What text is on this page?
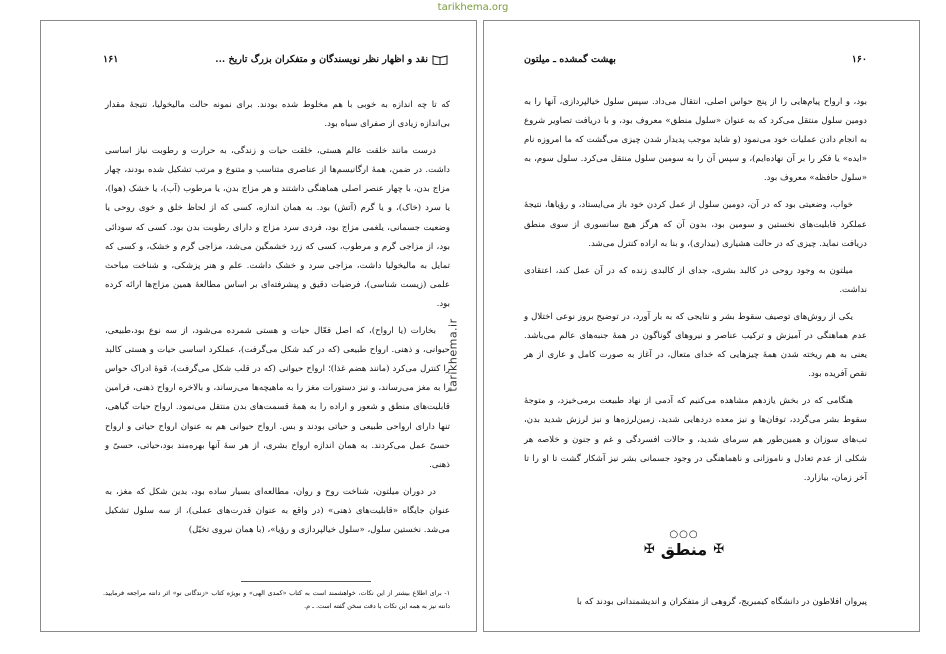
tarikhema.org
نقد و اظهار نظر نویسندگان و متفکران بزرگ تاریخ ...
۱۶۱

که تا چه اندازه به خوبی با هم مخلوط شده بودند. برای نمونه حالت مالیخولیا، نتیجهٔ مقدار بی‌اندازه زیادی از صفرای سیاه بود.

درست مانند خلقت عالم هستی، خلقت حیات و زندگی، به حرارت و رطوبت نیاز اساسی داشت. در ضمن، همهٔ ارگانیسم‌ها از عناصری متناسب و متنوع و مرتب تشکیل شده بودند، چهار مزاج بدن، با چهار عنصر اصلی هماهنگی داشتند و هر مزاج بدن، یا مرطوب (آب)، یا خشک (هوا)، یا سرد (خاک)، و یا گرم (آتش) بود. به همان اندازه، کسی که از لحاظ خلق و خوی روحی یا وضعیت جسمانی، یلغمی مزاج بود، فردی سرد مزاج و دارای رطوبت بدن بود. کسی که سودائی بود، از مزاجی گرم و مرطوب، کسی که زرد خشمگین می‌شد، مزاجی گرم و خشک، و کسی که تمایل به مالیخولیا داشت، مزاجی سرد و خشک داشت. علم و هنر پزشکی، و شناخت مباحث علمی (زیست شناسی)، فرضیات دقیق و پیشرفته‌ای بر اساس مطالعهٔ همین مزاج‌ها ارائه کرده بود.

بخارات (یا ارواح)، که اصل فعّال حیات و هستی شمرده می‌شود، از سه نوع بود،طبیعی، حیوانی، و ذهنی. ارواح طبیعی (که در کبد شکل می‌گرفت)، عملکرد اساسی حیات و هستی کالبد را کنترل می‌کرد (مانند هضم غذا)؛ ارواح حیوانی (که در قلب شکل می‌گرفت)، قوهٔ ادراک حواس را به مغز می‌رساند، و نیز دستورات مغز را به ماهیچه‌ها می‌رساند، و بالاخره ارواح ذهنی، فرامین قابلیت‌های منطق و شعور و اراده را به همهٔ قسمت‌های بدن منتقل می‌نمود. ارواح حیات گیاهی، تنها دارای ارواحی طبیعی و حیاتی بودند و بس. ارواح حیوانی هم به عنوان ارواح حیاتی و ارواح حسیّ عمل می‌کردند. به همان اندازه ارواح بشری، از هر سهٔ آنها بهره‌مند بود،حیاتی، حسیّ و ذهنی.

در دوران میلتون، شناخت روح و روان، مطالعه‌ای بسیار ساده بود، بدین شکل که مغز، به عنوان جایگاه «قابلیت‌های ذهنی» (در واقع به عنوان قدرت‌های عملی)، از سه سلول تشکیل می‌شد. نخستین سلول، «سلول خیالپردازی و رؤیا»، (با همان نیروی تخیّل)

۱- برای اطلاع بیشتر از این نکات، خواهشمند است به کتاب «کمدی الهی» و بویژه کتاب «زندگانی نو» اثر دانته مراجعه فرمایید. دانته نیز به همه این نکات با دقت سخن گفته است. ـ م.
tarikhema.ir
۱۶۰
بهشت گمشده ـ میلتون

بود، و ارواح پیام‌هایی را از پنج حواس اصلی، انتقال می‌داد. سپس سلول خیالپردازی، آنها را به دومین سلول منتقل می‌کرد که به عنوان «سلول منطق» معروف بود، و با دریافت تصاویر شروع به انجام دادن عملیات خود می‌نمود (و شاید موجب پدیدار شدن چیزی می‌گشت که ما امروزه نام «ایده» یا فکر را بر آن نهاده‌ایم)، و سپس آن را به سومین سلول منتقل می‌کرد. سلول سوم، به «سلول حافظه» معروف بود.

خواب، وضعیتی بود که در آن، دومین سلول از عمل کردن خود باز می‌ایستاد، و رؤیاها، نتیجهٔ عملکرد قابلیت‌های نخستین و سومین بود، بدون آن که هرگز هیچ سانسوری از سوی منطق دریافت نماید. چیزی که در حالت هشیاری (بیداری)، و بنا به اراده کنترل می‌شد.

میلتون به وجود روحی در کالبد بشری، جدای از کالبدی زنده که در آن عمل کند، اعتقادی نداشت.

یکی از روش‌های توصیف سقوط بشر و نتایجی که به بار آورد، در توضیح بروز نوعی اختلال و عدم هماهنگی در آمیزش و ترکیب عناصر و نیروهای گوناگون در همهٔ جنبه‌های عالم می‌باشد. یعنی به هم ریخته شدن همهٔ چیزهایی که خدای متعال، در آغاز به صورت کامل و عاری از هر نقص آفریده بود.

هنگامی که در بخش یازدهم مشاهده می‌کنیم که آدمی از نهاد طبیعت برمی‌خیزد، و متوجهٔ سقوط بشر می‌گردد، توفان‌ها و نیز معده دردهایی شدید، زمین‌لرزه‌ها و نیز لرزش شدید بدن، تب‌های سوزان و همین‌طور هم سرمای شدید، و حالات افسردگی و غم و جنون و خلاصه هر شکلی از عدم تعادل و ناموزانی و ناهماهنگی در وجود جسمانی بشر نیز آشکار گشت تا او را تا آخر زمان، بیازارد.

○○○
✠
منطق
✠
پیروان افلاطون در دانشگاه کیمبریج، گروهی از متفکران و اندیشمندانی بودند که با
